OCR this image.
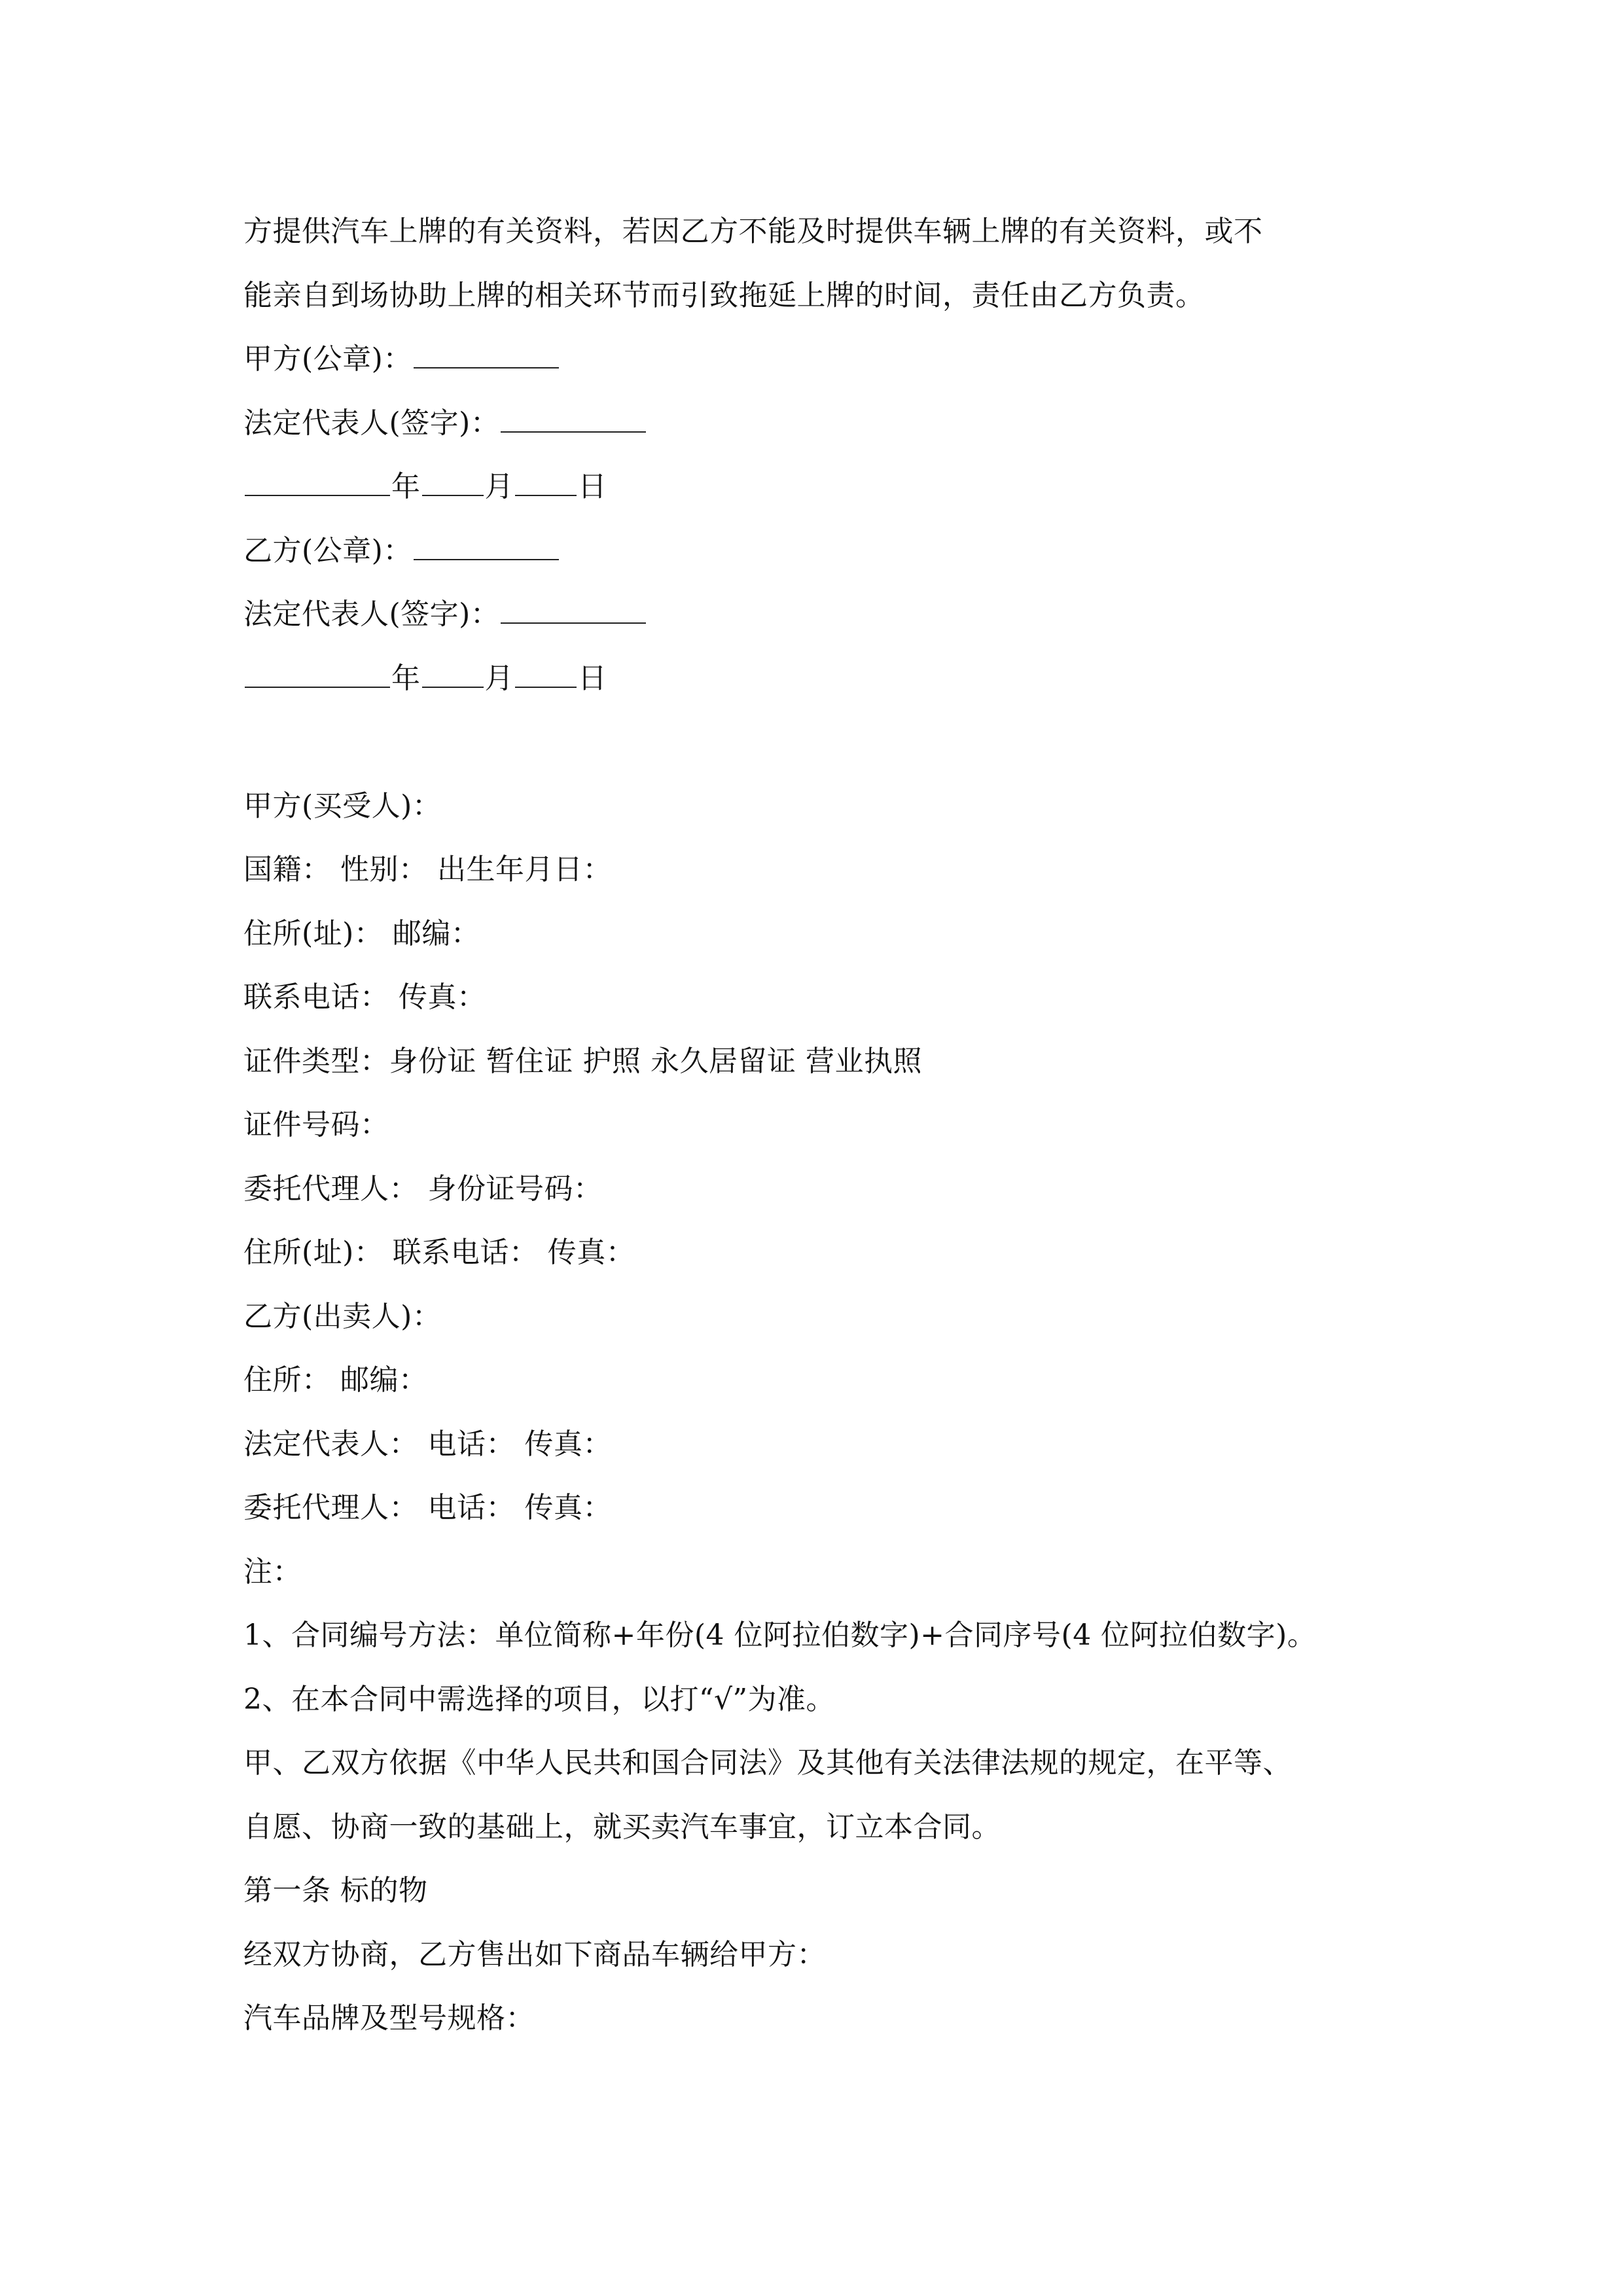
方提供汽车上牌的有关资料，若因乙方不能及时提供车辆上牌的有关资料，或不
能亲自到场协助上牌的相关环节而引致拖延上牌的时间，责任由乙方负责。
甲方(公章)：
法定代表人(签字)：
年 月 日
乙方(公章)：
法定代表人(签字)：
年 月 日
甲方(买受人)：
国籍： 性别： 出生年月日：
住所(址)： 邮编：
联系电话： 传真：
证件类型：身份证 暂住证 护照 永久居留证 营业执照
证件号码：
委托代理人： 身份证号码：
住所(址)： 联系电话： 传真：
乙方(出卖人)：
住所： 邮编：
法定代表人： 电话： 传真：
委托代理人： 电话： 传真：
注：
1、合同编号方法：单位简称+年份(4 位阿拉伯数字)+合同序号(4 位阿拉伯数字)。
2、在本合同中需选择的项目，以打“√”为准。
甲、乙双方依据《中华人民共和国合同法》及其他有关法律法规的规定，在平等、
自愿、协商一致的基础上，就买卖汽车事宜，订立本合同。
第一条 标的物
经双方协商，乙方售出如下商品车辆给甲方：
汽车品牌及型号规格：
